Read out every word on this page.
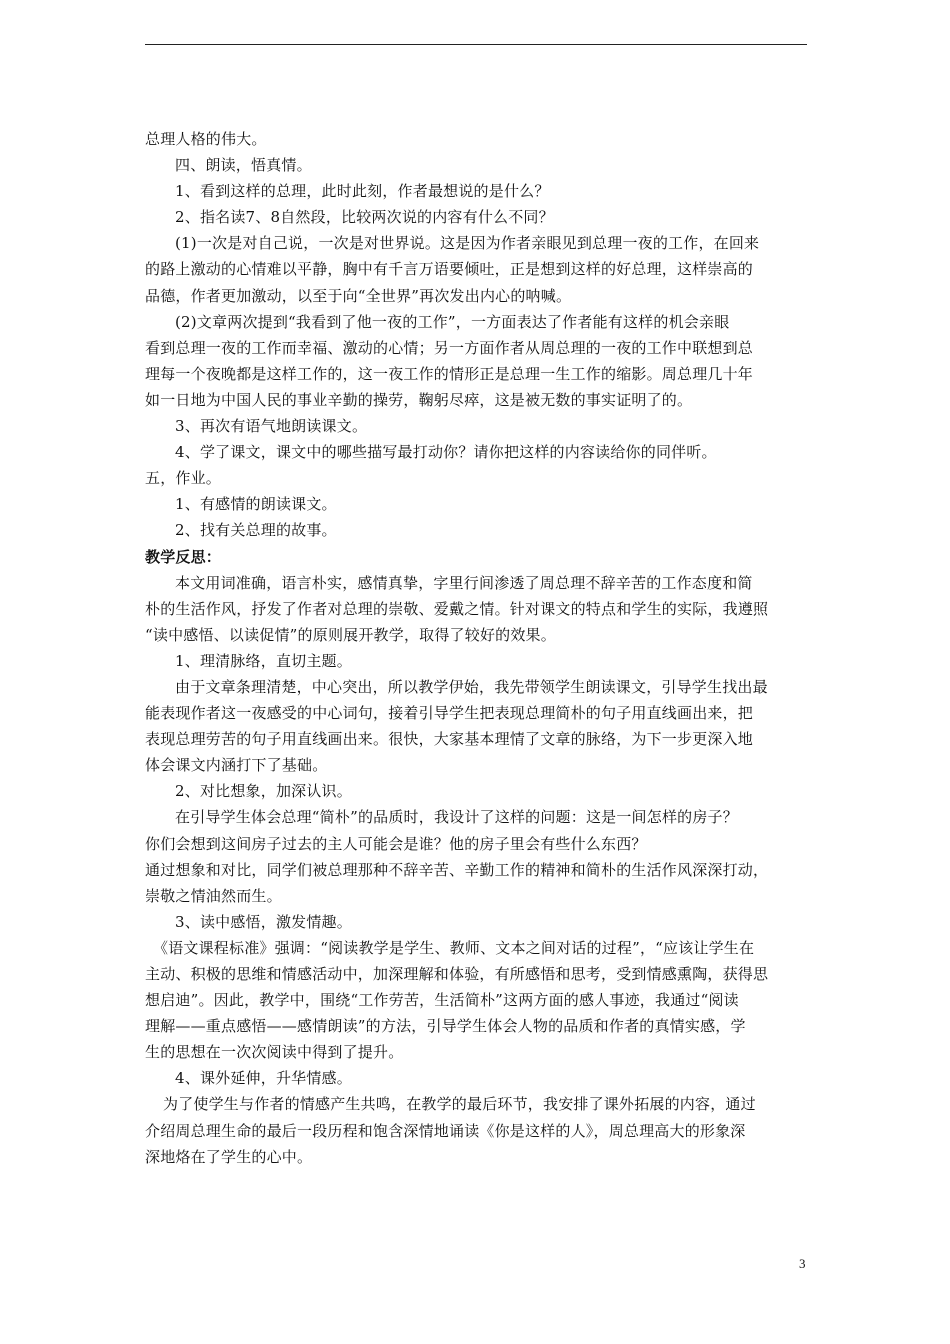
总理人格的伟大。
四、朗读，悟真情。
1、看到这样的总理，此时此刻，作者最想说的是什么？
2、指名读7、8自然段，比较两次说的内容有什么不同？
(1)一次是对自己说，一次是对世界说。这是因为作者亲眼见到总理一夜的工作，在回来
的路上激动的心情难以平静，胸中有千言万语要倾吐，正是想到这样的好总理，这样崇高的
品德，作者更加激动，以至于向“全世界”再次发出内心的呐喊。
(2)文章两次提到“我看到了他一夜的工作”，一方面表达了作者能有这样的机会亲眼
看到总理一夜的工作而幸福、激动的心情；另一方面作者从周总理的一夜的工作中联想到总
理每一个夜晚都是这样工作的，这一夜工作的情形正是总理一生工作的缩影。周总理几十年
如一日地为中国人民的事业辛勤的操劳，鞠躬尽瘁，这是被无数的事实证明了的。
3、再次有语气地朗读课文。
4、学了课文，课文中的哪些描写最打动你？请你把这样的内容读给你的同伴听。
五，作业。
1、有感情的朗读课文。
2、找有关总理的故事。
教学反思：
本文用词准确，语言朴实，感情真挚，字里行间渗透了周总理不辞辛苦的工作态度和简
朴的生活作风，抒发了作者对总理的崇敬、爱戴之情。针对课文的特点和学生的实际，我遵照
“读中感悟、以读促情”的原则展开教学，取得了较好的效果。
1、理清脉络，直切主题。
由于文章条理清楚，中心突出，所以教学伊始，我先带领学生朗读课文，引导学生找出最
能表现作者这一夜感受的中心词句，接着引导学生把表现总理简朴的句子用直线画出来，把
表现总理劳苦的句子用直线画出来。很快，大家基本理情了文章的脉络，为下一步更深入地
体会课文内涵打下了基础。
2、对比想象，加深认识。
在引导学生体会总理“简朴”的品质时，我设计了这样的问题：这是一间怎样的房子？
你们会想到这间房子过去的主人可能会是谁？他的房子里会有些什么东西？
通过想象和对比，同学们被总理那种不辞辛苦、辛勤工作的精神和简朴的生活作风深深打动，
崇敬之情油然而生。
3、读中感悟，激发情趣。
《语文课程标准》强调：“阅读教学是学生、教师、文本之间对话的过程”，“应该让学生在
主动、积极的思维和情感活动中，加深理解和体验，有所感悟和思考，受到情感熏陶，获得思
想启迪”。因此，教学中，围绕“工作劳苦，生活简朴”这两方面的感人事迹，我通过“阅读
理解——重点感悟——感情朗读”的方法，引导学生体会人物的品质和作者的真情实感，学
生的思想在一次次阅读中得到了提升。
4、课外延伸，升华情感。
为了使学生与作者的情感产生共鸣，在教学的最后环节，我安排了课外拓展的内容，通过
介绍周总理生命的最后一段历程和饱含深情地诵读《你是这样的人》，周总理高大的形象深
深地烙在了学生的心中。
3
